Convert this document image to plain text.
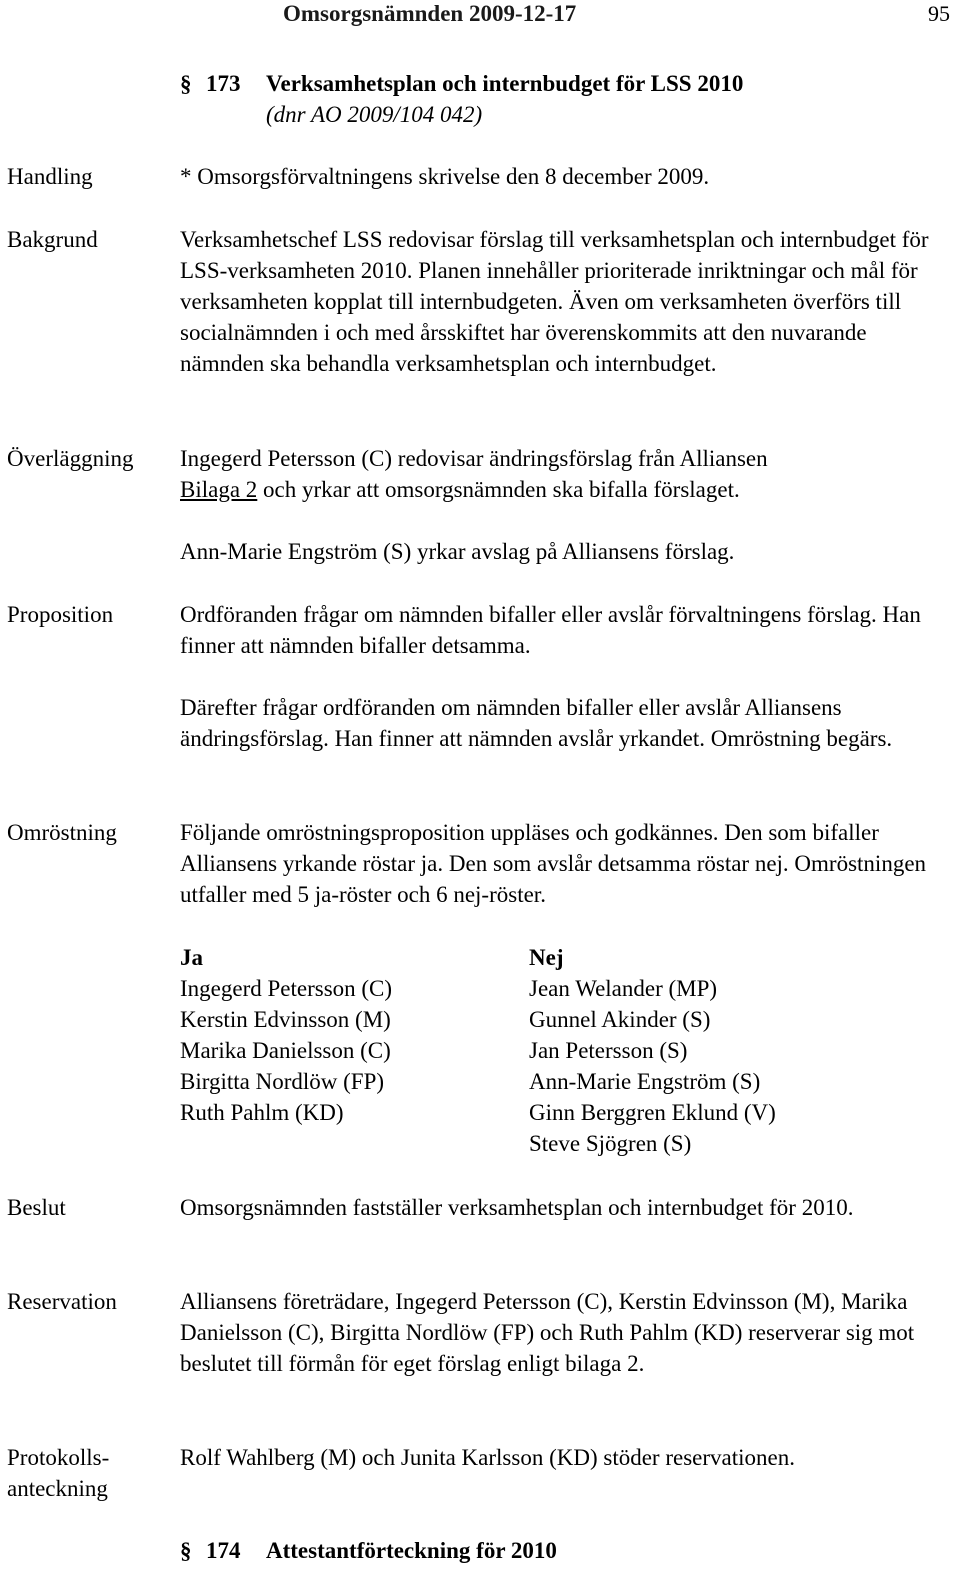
Omsorgsnämnden 2009-12-17	95
§ 173 Verksamhetsplan och internbudget för LSS 2010
(dnr AO 2009/104 042)
Handling	* Omsorgsförvaltningens skrivelse den 8 december 2009.
Bakgrund	Verksamhetschef LSS redovisar förslag till verksamhetsplan och internbudget för LSS-verksamheten 2010. Planen innehåller prioriterade inriktningar och mål för verksamheten kopplat till internbudgeten. Även om verksamheten överförs till socialnämnden i och med årsskiftet har överenskommits att den nuvarande nämnden ska behandla verksamhetsplan och internbudget.
Överläggning	Ingegerd Petersson (C) redovisar ändringsförslag från Alliansen
Bilaga 2 och yrkar att omsorgsnämnden ska bifalla förslaget.

Ann-Marie Engström (S) yrkar avslag på Alliansens förslag.

Proposition	Ordföranden frågar om nämnden bifaller eller avslår förvaltningens förslag. Han finner att nämnden bifaller detsamma.

Därefter frågar ordföranden om nämnden bifaller eller avslår Alliansens ändringsförslag. Han finner att nämnden avslår yrkandet. Omröstning begärs.

Omröstning	Följande omröstningsproposition uppläses och godkännes. Den som bifaller Alliansens yrkande röstar ja. Den som avslår detsamma röstar nej. Omröstningen utfaller med 5 ja-röster och 6 nej-röster.
Ja
Ingegerd Petersson (C)
Kerstin Edvinsson (M)
Marika Danielsson (C)
Birgitta Nordlöw (FP)
Ruth Pahlm (KD)
Nej
Jean Welander (MP)
Gunnel Akinder (S)
Jan Petersson (S)
Ann-Marie Engström (S)
Ginn Berggren Eklund (V)
Steve Sjögren (S)
Beslut	Omsorgsnämnden fastställer verksamhetsplan och internbudget för 2010.
Reservation	Alliansens företrädare, Ingegerd Petersson (C), Kerstin Edvinsson (M), Marika Danielsson (C), Birgitta Nordlöw (FP) och Ruth Pahlm (KD) reserverar sig mot beslutet till förmån för eget förslag enligt bilaga 2.
Protokolls-
anteckning
Rolf Wahlberg (M) och Junita Karlsson (KD) stöder reservationen.
§ 174 Attestantförteckning för 2010
